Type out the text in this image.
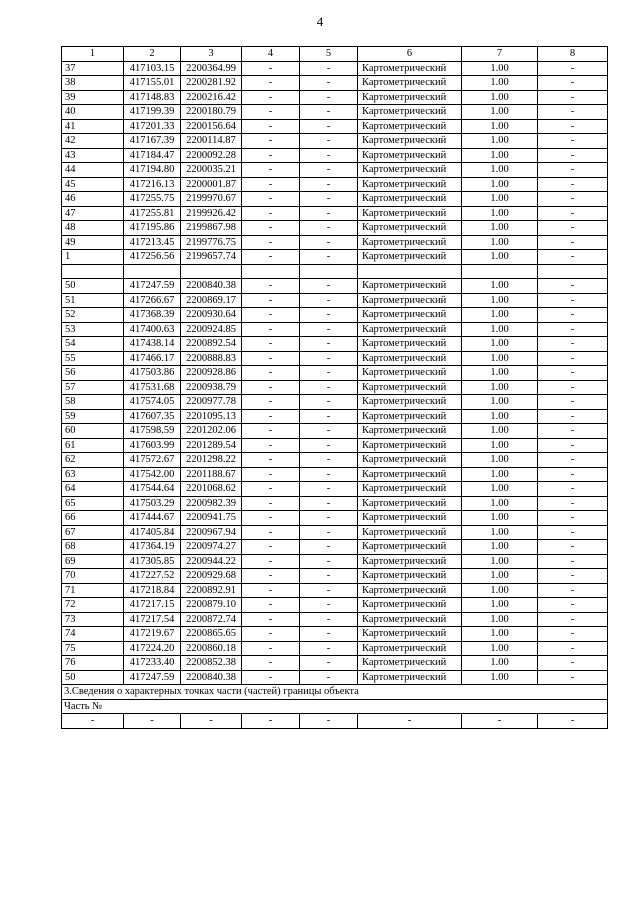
4
1	2	3	4	5	6	7	8
37	417103.15	2200364.99	-	-	Картометрический	1.00	-
38	417155.01	2200281.92	-	-	Картометрический	1.00	-
39	417148.83	2200216.42	-	-	Картометрический	1.00	-
40	417199.39	2200180.79	-	-	Картометрический	1.00	-
41	417201.33	2200156.64	-	-	Картометрический	1.00	-
42	417167.39	2200114.87	-	-	Картометрический	1.00	-
43	417184.47	2200092.28	-	-	Картометрический	1.00	-
44	417194.80	2200035.21	-	-	Картометрический	1.00	-
45	417216.13	2200001.87	-	-	Картометрический	1.00	-
46	417255.75	2199970.67	-	-	Картометрический	1.00	-
47	417255.81	2199926.42	-	-	Картометрический	1.00	-
48	417195.86	2199867.98	-	-	Картометрический	1.00	-
49	417213.45	2199776.75	-	-	Картометрический	1.00	-
1	417256.56	2199657.74	-	-	Картометрический	1.00	-

50	417247.59	2200840.38	-	-	Картометрический	1.00	-
51	417266.67	2200869.17	-	-	Картометрический	1.00	-
52	417368.39	2200930.64	-	-	Картометрический	1.00	-
53	417400.63	2200924.85	-	-	Картометрический	1.00	-
54	417438.14	2200892.54	-	-	Картометрический	1.00	-
55	417466.17	2200888.83	-	-	Картометрический	1.00	-
56	417503.86	2200928.86	-	-	Картометрический	1.00	-
57	417531.68	2200938.79	-	-	Картометрический	1.00	-
58	417574.05	2200977.78	-	-	Картометрический	1.00	-
59	417607.35	2201095.13	-	-	Картометрический	1.00	-
60	417598.59	2201202.06	-	-	Картометрический	1.00	-
61	417603.99	2201289.54	-	-	Картометрический	1.00	-
62	417572.67	2201298.22	-	-	Картометрический	1.00	-
63	417542.00	2201188.67	-	-	Картометрический	1.00	-
64	417544.64	2201068.62	-	-	Картометрический	1.00	-
65	417503.29	2200982.39	-	-	Картометрический	1.00	-
66	417444.67	2200941.75	-	-	Картометрический	1.00	-
67	417405.84	2200967.94	-	-	Картометрический	1.00	-
68	417364.19	2200974.27	-	-	Картометрический	1.00	-
69	417305.85	2200944.22	-	-	Картометрический	1.00	-
70	417227.52	2200929.68	-	-	Картометрический	1.00	-
71	417218.84	2200892.91	-	-	Картометрический	1.00	-
72	417217.15	2200879.10	-	-	Картометрический	1.00	-
73	417217.54	2200872.74	-	-	Картометрический	1.00	-
74	417219.67	2200865.65	-	-	Картометрический	1.00	-
75	417224.20	2200860.18	-	-	Картометрический	1.00	-
76	417233.40	2200852.38	-	-	Картометрический	1.00	-
50	417247.59	2200840.38	-	-	Картометрический	1.00	-
3.Сведения о характерных точках части (частей) границы объекта							
Часть №							
-	-	-	-	-	-	-	-
